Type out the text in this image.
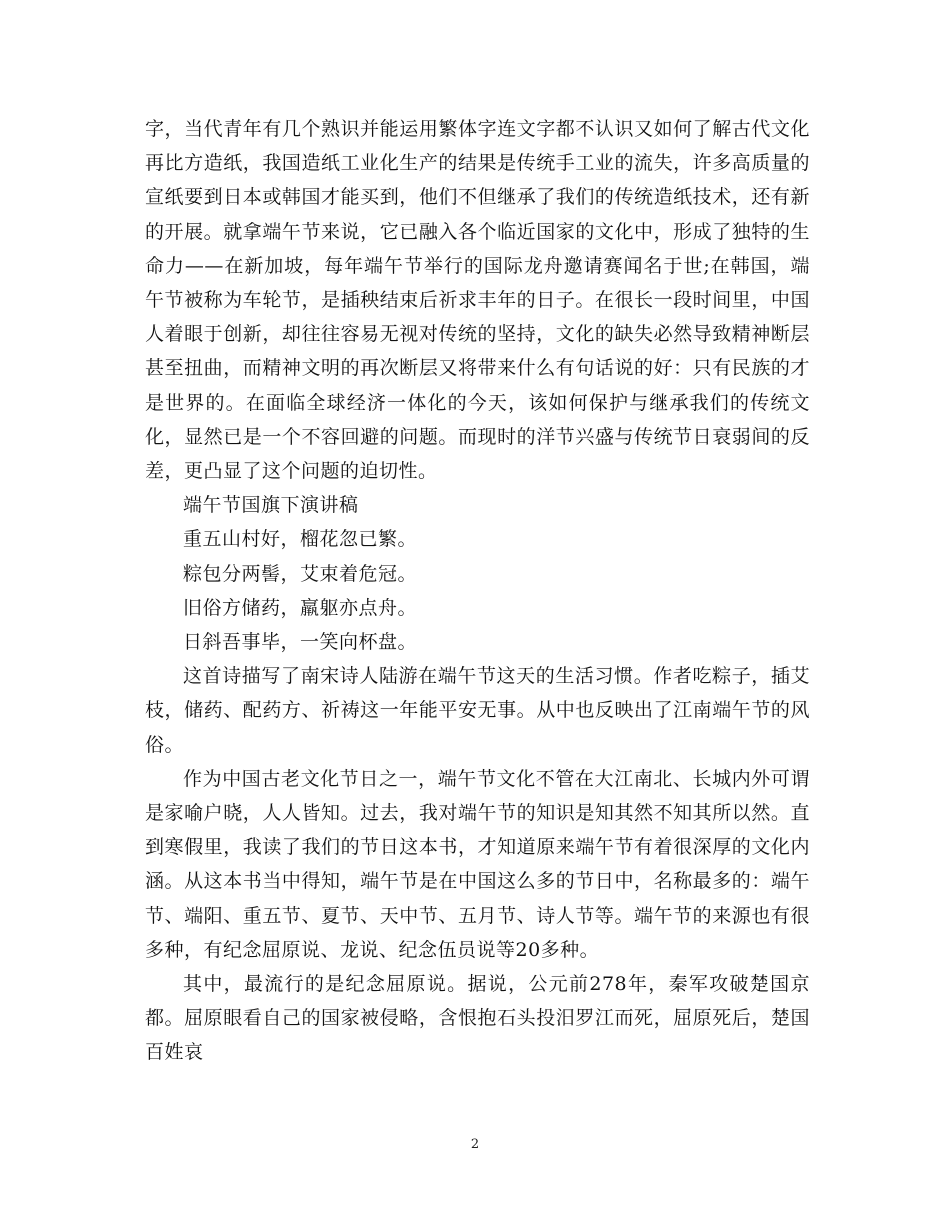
字，当代青年有几个熟识并能运用繁体字连文字都不认识又如何了解古代文化再比方造纸，我国造纸工业化生产的结果是传统手工业的流失，许多高质量的宣纸要到日本或韩国才能买到，他们不但继承了我们的传统造纸技术，还有新的开展。就拿端午节来说，它已融入各个临近国家的文化中，形成了独特的生命力——在新加坡，每年端午节举行的国际龙舟邀请赛闻名于世;在韩国，端午节被称为车轮节，是插秧结束后祈求丰年的日子。在很长一段时间里，中国人着眼于创新，却往往容易无视对传统的坚持，文化的缺失必然导致精神断层甚至扭曲，而精神文明的再次断层又将带来什么有句话说的好：只有民族的才是世界的。在面临全球经济一体化的今天，该如何保护与继承我们的传统文化，显然已是一个不容回避的问题。而现时的洋节兴盛与传统节日衰弱间的反差，更凸显了这个问题的迫切性。

端午节国旗下演讲稿

重五山村好，榴花忽已繁。

粽包分两髻，艾束着危冠。

旧俗方储药，羸躯亦点舟。

日斜吾事毕，一笑向杯盘。

这首诗描写了南宋诗人陆游在端午节这天的生活习惯。作者吃粽子，插艾枝，储药、配药方、祈祷这一年能平安无事。从中也反映出了江南端午节的风俗。

作为中国古老文化节日之一，端午节文化不管在大江南北、长城内外可谓是家喻户晓，人人皆知。过去，我对端午节的知识是知其然不知其所以然。直到寒假里，我读了我们的节日这本书，才知道原来端午节有着很深厚的文化内涵。从这本书当中得知，端午节是在中国这么多的节日中，名称最多的：端午节、端阳、重五节、夏节、天中节、五月节、诗人节等。端午节的来源也有很多种，有纪念屈原说、龙说、纪念伍员说等20多种。

其中，最流行的是纪念屈原说。据说，公元前278年，秦军攻破楚国京都。屈原眼看自己的国家被侵略，含恨抱石头投汨罗江而死，屈原死后，楚国百姓哀

2
